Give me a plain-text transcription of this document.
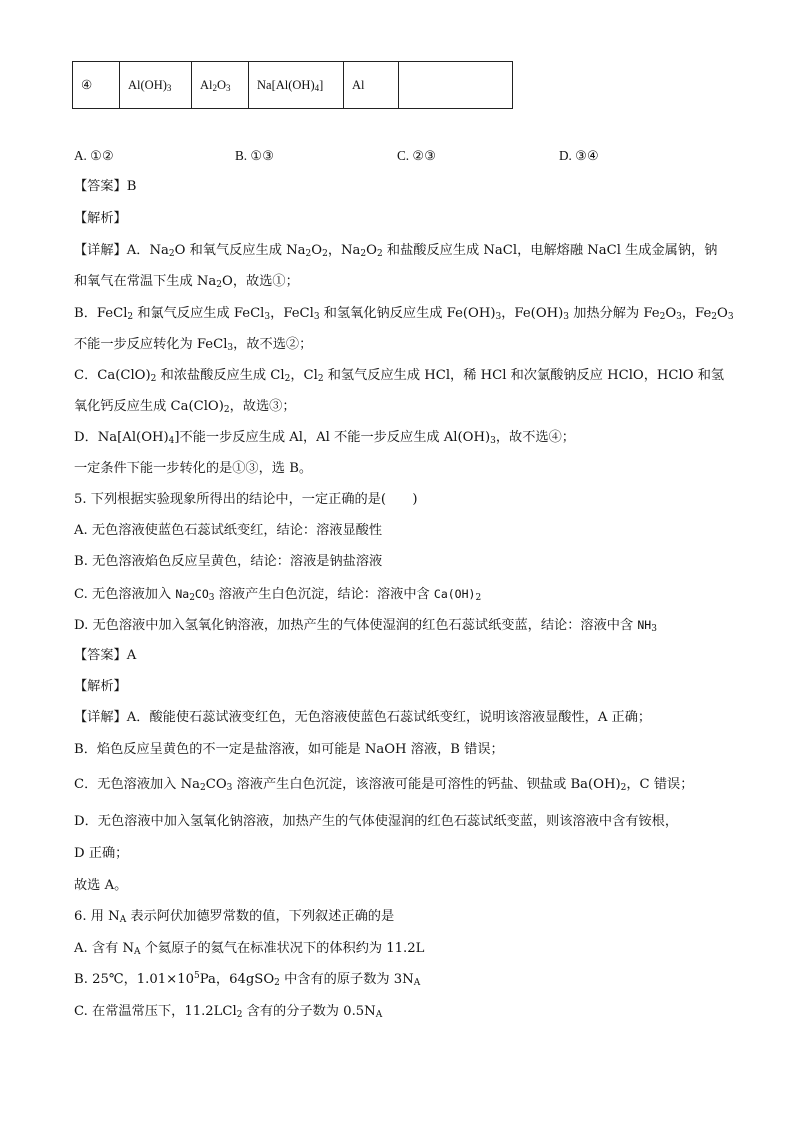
④	$Al(OH)_3$	$Al_2O_3$	$Na[Al(OH)_4]$	Al	
A. ①②	B. ①③	C. ②③	D. ③④
【答案】B
【解析】
【详解】A．$Na_2O$ 和氧气反应生成 $Na_2O_2$，$Na_2O_2$ 和盐酸反应生成 NaCl，电解熔融 NaCl 生成金属钠，钠
和氧气在常温下生成 $Na_2O$，故选①；
B．FeCl$_2$ 和氯气反应生成 FeCl$_3$，FeCl$_3$ 和氢氧化钠反应生成 $Fe(OH)_3$，$Fe(OH)_3$ 加热分解为 $Fe_2O_3$，$Fe_2O_3$
不能一步反应转化为 FeCl$_3$，故不选②；
C．$Ca(ClO)_2$ 和浓盐酸反应生成 $Cl_2$，$Cl_2$ 和氢气反应生成 HCl，稀 HCl 和次氯酸钠反应 HClO，HClO 和氢
氧化钙反应生成 $Ca(ClO)_2$，故选③；
D．$Na[Al(OH)_4]$不能一步反应生成 Al，Al 不能一步反应生成 $Al(OH)_3$，故不选④；
一定条件下能一步转化的是①③，选 B。
5. 下列根据实验现象所得出的结论中，一定正确的是(　　)
A. 无色溶液使蓝色石蕊试纸变红，结论：溶液显酸性
B. 无色溶液焰色反应呈黄色，结论：溶液是钠盐溶液
C. 无色溶液加入 $Na_2CO_3$ 溶液产生白色沉淀，结论：溶液中含 $Ca(OH)_2$
D. 无色溶液中加入氢氧化钠溶液，加热产生的气体使湿润的红色石蕊试纸变蓝，结论：溶液中含 $NH_3$
【答案】A
【解析】
【详解】A．酸能使石蕊试液变红色，无色溶液使蓝色石蕊试纸变红，说明该溶液显酸性，A 正确；
B．焰色反应呈黄色的不一定是盐溶液，如可能是 NaOH 溶液，B 错误；
C．无色溶液加入 $Na_2CO_3$ 溶液产生白色沉淀，该溶液可能是可溶性的钙盐、钡盐或 $Ba(OH)_2$，C 错误；
D．无色溶液中加入氢氧化钠溶液，加热产生的气体使湿润的红色石蕊试纸变蓝，则该溶液中含有铵根，
D 正确；
故选 A。
6. 用 $N_A$ 表示阿伏加德罗常数的值，下列叙述正确的是
A. 含有 $N_A$ 个氦原子的氦气在标准状况下的体积约为 11.2L
B. 25℃，$1.01\times 10^5Pa$，64gSO$_2$ 中含有的原子数为 $3N_A$
C. 在常温常压下，11.2LCl$_2$ 含有的分子数为 $0.5N_A$
